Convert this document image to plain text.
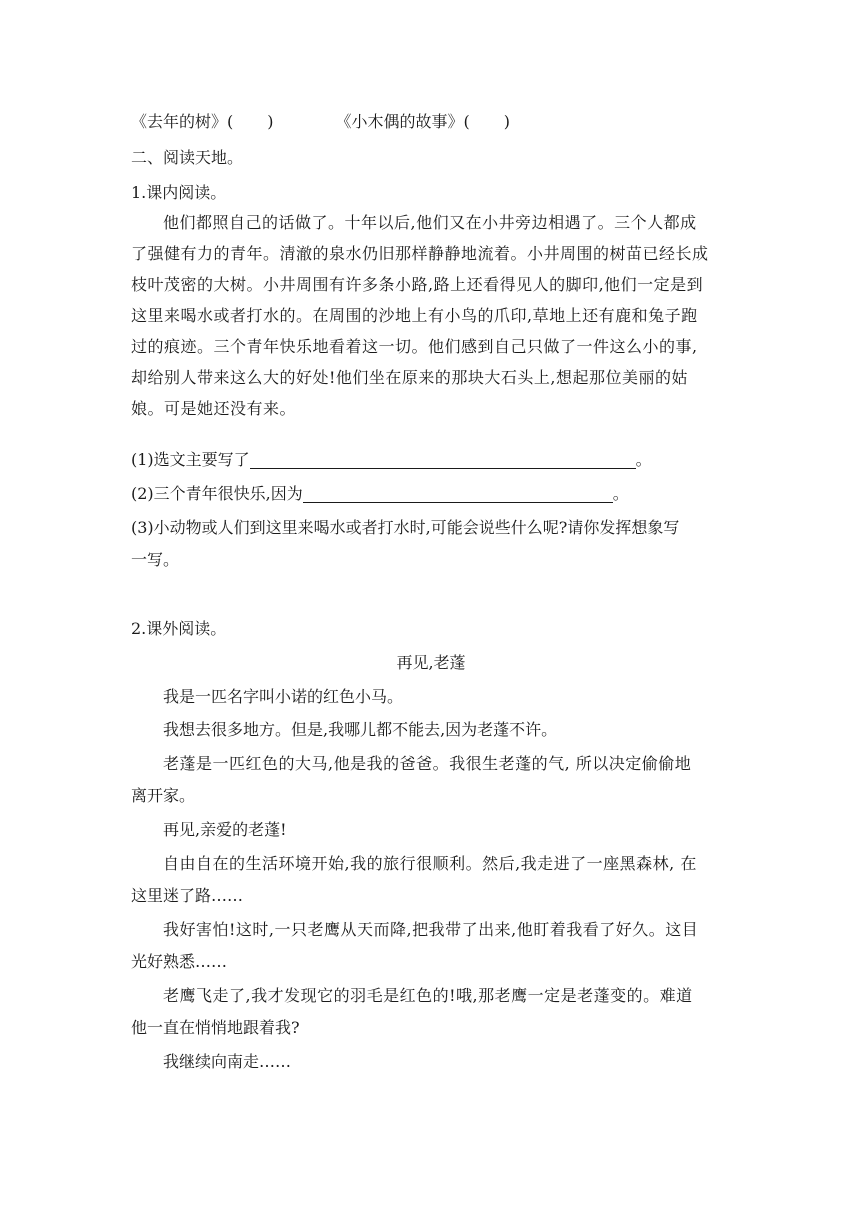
《去年的树》( )	《小木偶的故事》( )
二、阅读天地。
1.课内阅读。
他们都照自己的话做了。十年以后,他们又在小井旁边相遇了。三个人都成
了强健有力的青年。清澈的泉水仍旧那样静静地流着。小井周围的树苗已经长成
枝叶茂密的大树。小井周围有许多条小路,路上还看得见人的脚印,他们一定是到
这里来喝水或者打水的。在周围的沙地上有小鸟的爪印,草地上还有鹿和兔子跑
过的痕迹。三个青年快乐地看着这一切。他们感到自己只做了一件这么小的事,
却给别人带来这么大的好处!他们坐在原来的那块大石头上,想起那位美丽的姑
娘。可是她还没有来。
(1)选文主要写了	。
(2)三个青年很快乐,因为	。
(3)小动物或人们到这里来喝水或者打水时,可能会说些什么呢?请你发挥想象写
一写。
2.课外阅读。
再见,老蓬
我是一匹名字叫小诺的红色小马。
我想去很多地方。但是,我哪儿都不能去,因为老蓬不许。
老蓬是一匹红色的大马,他是我的爸爸。我很生老蓬的气, 所以决定偷偷地
离开家。
再见,亲爱的老蓬!
自由自在的生活环境开始,我的旅行很顺利。然后,我走进了一座黑森林, 在
这里迷了路……
我好害怕!这时,一只老鹰从天而降,把我带了出来,他盯着我看了好久。这目
光好熟悉……
老鹰飞走了,我才发现它的羽毛是红色的!哦,那老鹰一定是老蓬变的。难道
他一直在悄悄地跟着我?
我继续向南走……
